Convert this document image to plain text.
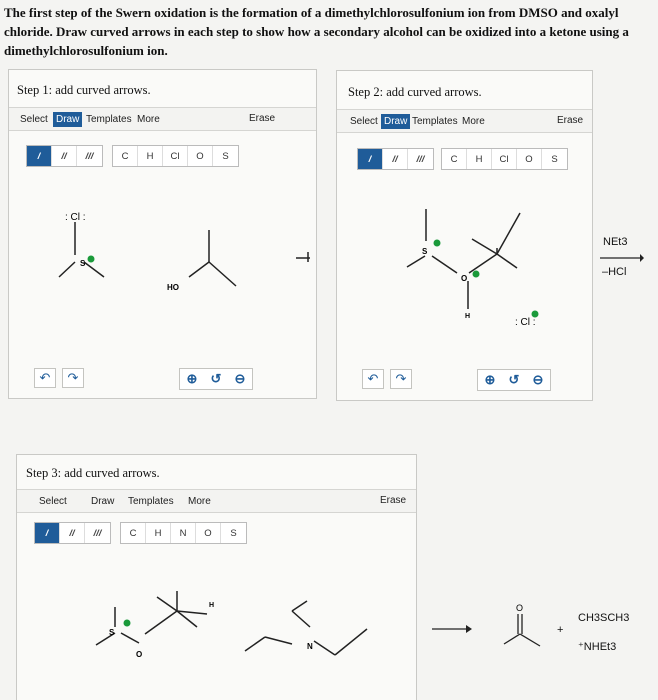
The first step of the Swern oxidation is the formation of a dimethylchlorosulfonium ion from DMSO and oxalyl chloride. Draw curved arrows in each step to show how a secondary alcohol can be oxidized into a ketone using a dimethylchlorosulfonium ion.
Step 1: add curved arrows.
Select Draw Templates More	Erase
/	//	///	C	H	Cl	O	S
: Cl :
S
HO
↶	↷	⊕	↺	⊖
Step 2: add curved arrows.
Select Draw Templates More	Erase
/	//	///	C	H	Cl	O	S
S
O
H
: Cl :
↶	↷	⊕	↺	⊖
NEt3
–HCl
Step 3: add curved arrows.
Select	Draw	Templates	More	Erase
/	//	///	C	H	N	O	S
S
O
H
N
O
+
CH3SCH3
⁺NHEt3
